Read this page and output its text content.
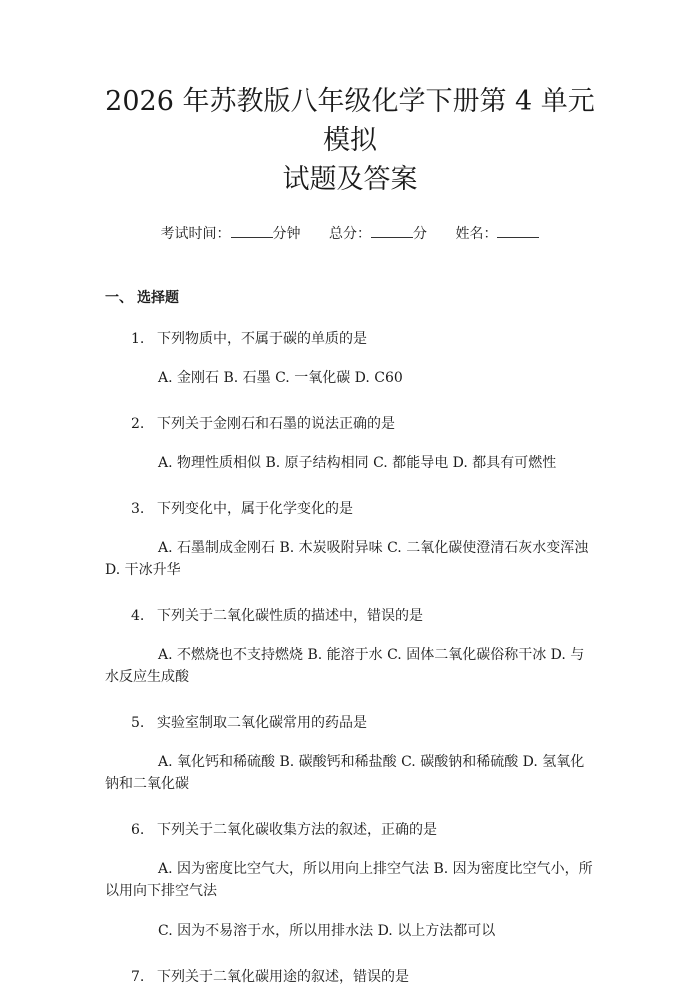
2026 年苏教版八年级化学下册第 4 单元模拟
试题及答案
考试时间：	分钟 总分：	分 姓名：
一、 选择题
1. 下列物质中，不属于碳的单质的是
A. 金刚石 B. 石墨 C. 一氧化碳 D. C60
2. 下列关于金刚石和石墨的说法正确的是
A. 物理性质相似 B. 原子结构相同 C. 都能导电 D. 都具有可燃性
3. 下列变化中，属于化学变化的是
A. 石墨制成金刚石 B. 木炭吸附异味 C. 二氧化碳使澄清石灰水变浑浊 D. 干冰升华
4. 下列关于二氧化碳性质的描述中，错误的是
A. 不燃烧也不支持燃烧 B. 能溶于水 C. 固体二氧化碳俗称干冰 D. 与水反应生成酸
5. 实验室制取二氧化碳常用的药品是
A. 氧化钙和稀硫酸 B. 碳酸钙和稀盐酸 C. 碳酸钠和稀硫酸 D. 氢氧化钠和二氧化碳
6. 下列关于二氧化碳收集方法的叙述，正确的是
A. 因为密度比空气大，所以用向上排空气法 B. 因为密度比空气小，所以用向下排空气法
C. 因为不易溶于水，所以用排水法 D. 以上方法都可以
7. 下列关于二氧化碳用途的叙述，错误的是
